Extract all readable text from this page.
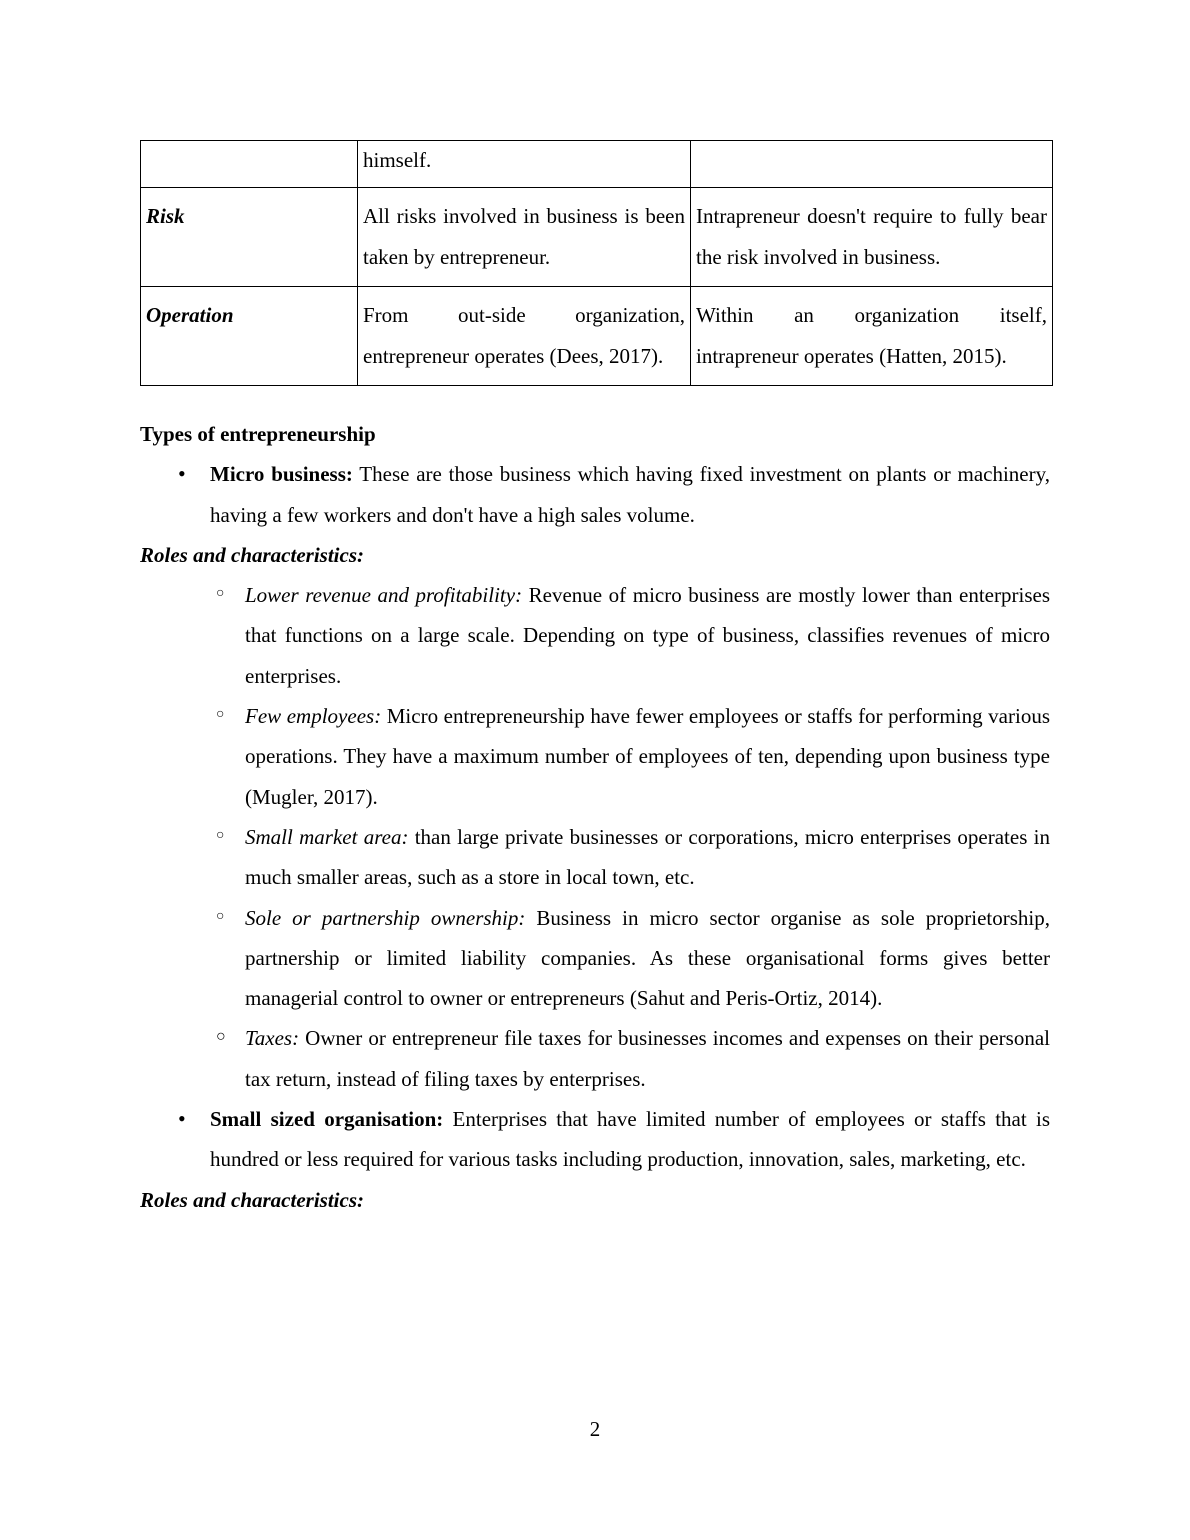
	himself.	
Risk	All risks involved in business is been taken by entrepreneur.	Intrapreneur doesn't require to fully bear the risk involved in business.
Operation	From out-side organization, entrepreneur operates (Dees, 2017).	Within an organization itself, intrapreneur operates (Hatten, 2015).

Types of entrepreneurship

• Micro business: These are those business which having fixed investment on plants or machinery, having a few workers and don't have a high sales volume.

Roles and characteristics:

○ Lower revenue and profitability: Revenue of micro business are mostly lower than enterprises that functions on a large scale. Depending on type of business, classifies revenues of micro enterprises.

○ Few employees: Micro entrepreneurship have fewer employees or staffs for performing various operations. They have a maximum number of employees of ten, depending upon business type (Mugler, 2017).

○ Small market area: than large private businesses or corporations, micro enterprises operates in much smaller areas, such as a store in local town, etc.

○ Sole or partnership ownership: Business in micro sector organise as sole proprietorship, partnership or limited liability companies. As these organisational forms gives better managerial control to owner or entrepreneurs (Sahut and Peris-Ortiz, 2014).

○ Taxes: Owner or entrepreneur file taxes for businesses incomes and expenses on their personal tax return, instead of filing taxes by enterprises.

• Small sized organisation: Enterprises that have limited number of employees or staffs that is hundred or less required for various tasks including production, innovation, sales, marketing, etc.

Roles and characteristics:

2
